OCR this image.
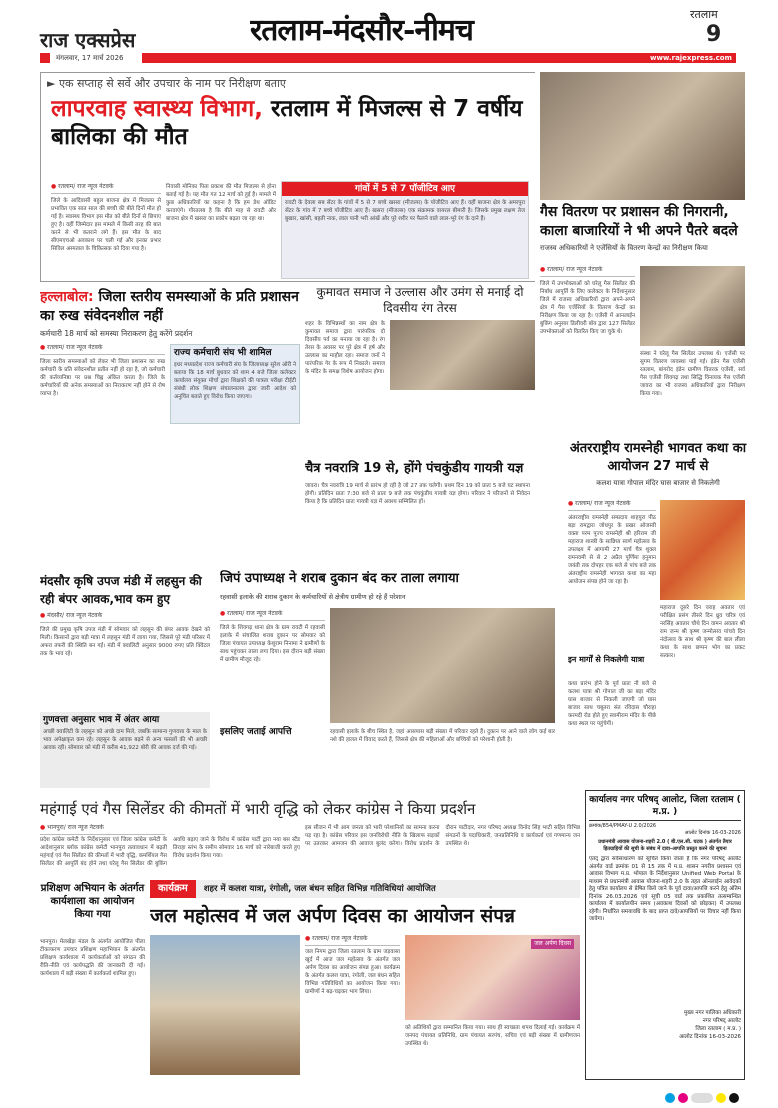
राज एक्सप्रेस
मंगलवार, 17 मार्च 2026
रतलाम-मंदसौर-नीमच	रतलाम
9
www.rajexpress.com
► एक सप्ताह से सर्वे और उपचार के नाम पर निरीक्षण बताए
लापरवाह स्वास्थ्य विभाग, रतलाम में मिजल्स से 7 वर्षीय बालिका की मौत
● रतलाम/ राज न्यूज नेटवर्क
जिले के आदिवासी बहुल बाजना क्षेत्र में मिजल्स से प्रभावित एक सात साल की बच्ची की बीते दिनों मौत हो गई है। स्वास्थ्य विभाग इस मौत को बीते दिनों से छिपाए हुए है। वहीं जिम्मेदार इस मामले में किसी तरह की बात करने से भी कतराने लगे हैं। इस मौत के बाद सीएमएचओ अवकाश पर चली गई और इनका प्रभार सिविल अस्पताल के चिकित्सक को दिया गया है।
निवासी मोनिका पिता प्रकाश की मौत मिजल्स से होना बताई गई है। यह मौत गत 12 मार्च को हुई है। मामले में कुछ अधिकारियों का कहना है कि हम डेथ ऑडिट करवाएंगे। गौरतलब है कि बीते माह से रावटी और बाजना क्षेत्र में खसरा का प्रकोप बढ़ता जा रहा था।
गांवों में 5 से 7 पॉजीटिव आए
रावटी के देवला सब सेंटर के गांवों में 5 से 7 बच्चे खसरा (मीजल्स) के पॉजीटिव आए हैं। वहीं बाजना क्षेत्र के अमरपुरा सेंटर के गांव में 7 बच्चे पॉजीटिव आए हैं। खसरा (मीजल्स) एक संक्रामक वायरल बीमारी है। जिसके प्रमुख लक्षण तेज बुखार, खांसी, बहती नाक, लाल पानी भरी आंखें और पूरे शरीर पर फैलने वाले लाल-भूरे रंग के दाने हैं।	गैस वितरण पर प्रशासन की निगरानी, काला बाजारियों ने भी अपने पैतरे बदले
राजस्व अधिकारियों ने एजेंसियों के वितरण केन्द्रों का निरीक्षण किया
● रतलाम/ राज न्यूज नेटवर्क
जिले में उपभोक्ताओं को घरेलू गैस सिलेंडर की निर्बाध आपूर्ति के लिए कलेक्टर के निर्देशानुसार जिले में राजस्व अधिकारियों द्वारा अपने-अपने क्षेत्र में गैस एजेंसियों के वितरण केन्द्रों का निरीक्षण किया जा रहा है। एजेंसी में आनलाईन बुकिंग अनुसार डिलीवरी बॉय द्वारा 127 सिलेंडर उपभोक्ताओं को वितरित किए जा चुके थे।
संस्था ने घरेलू गैस सिलेंडर उपलब्ध थे। एजेंसी पर सुगम वितरण व्यवस्था पाई गई। इंडेन गैस एजेंसी रतलाम, बांगरोद इंडेन ग्रामीण वितरक एजेंसी, सर्व गैस एजेंसी शिवगढ़ तथा सिद्धि विनायक गैस एजेंसी जावरा का भी राजस्व अधिकारियों द्वारा निरीक्षण किया गया।
हल्लाबोल: जिला स्तरीय समस्याओं के प्रति प्रशासन का रुख संवेदनशील नहीं
कर्मचारी 18 मार्च को समस्या निराकरण हेतु करेंगे प्रदर्शन
● रतलाम/ राज न्यूज नेटवर्क
जिला स्तरीय समस्याओं को लेकर भी जिला प्रशासन का रुख कर्मचारी के प्रति संवेदनशील प्रतीत नहीं हो रहा है, जो कर्मचारी की कर्तव्यनिष्ठा पर प्रश्न चिह्न अंकित करता है। जिले के कर्मचारियों की अनेक समस्याओं का निराकरण नहीं होने से रोष व्याप्त है।
राज्य कर्मचारी संघ भी शामिल
इधर मध्यप्रदेश राज्य कर्मचारी संघ के जिलाध्यक्ष सुरेश ओरी ने बताया कि 18 मार्च बुधवार को शाम 4 बजे जिला कलेक्टर कार्यालय संयुक्त मोर्चा द्वारा शिक्षकों की पात्रता परीक्षा टीईटी संबंधी लोक शिक्षण संचालनालय द्वारा जारी आदेश को अनुचित बताते हुए विरोध किया जाएगा।
कुमावत समाज ने उल्लास और उमंग से मनाई दो दिवसीय रंग तेरस
शहर के विभिन्नस्थों का नाम क्षेत्र के कुमावत समाज द्वारा पारंपरिक दो दिवसीय पर्व का मनाया जा रहा है। रंग तेरस के अवसर पर पूरे क्षेत्र में हर्ष और उल्लास का माहौल रहा। समाज जनों ने पारंपरिक गेर के रूप में निकाले। समाज के मंदिर के समक्ष विशेष आयोजन होगा।
चैत्र नवरात्रि 19 से, होंगे पंचकुंडीय गायत्री यज्ञ
जावरा। चैत्र नवरात्रि 19 मार्च से प्रारंभ हो रही है जो 27 तक चलेगी। प्रथम दिन 19 को प्रातः 5 बजे घट स्थापना होगी। प्रतिदिन प्रातः 7:30 बजे से प्रातः 9 बजे तक पंचकुंडीय गायत्री यज्ञ होगा। परिवार ने परिजनों से निवेदन किया है कि प्रतिदिन प्रातः गायत्री यज्ञ में अवश्य सम्मिलित हों।
अंतरराष्ट्रीय रामस्नेही भागवत कथा का आयोजन 27 मार्च से
कलश यात्रा गोपाल मंदिर घास बाजार से निकलेगी
● रतलाम/ राज न्यूज नेटवर्क
अंतरराष्ट्रीय रामस्नेही सम्प्रदाय शाहपुरा पीठ बड़ा रामद्वारा जोधपुर के प्रखर ओजस्वी वक्ता परम पूज्य रामस्नेही श्री हरिराम जी महाराज शास्त्री के सान्निध्य स्वर्ण महोत्सव के उपलक्ष्य में आगामी 27 मार्च चैत्र शुक्ल रामनवमी से से 2 अप्रैल पूर्णिमा हनुमान जयंती तक दोपहर एक बजे से पांच बजे तक अंतराष्ट्रीय रामस्नेही भागवत कथा का महा आयोजन संपन्न होने जा रहा है।
इन मार्गों से निकलेगी यात्रा
कथा प्रारंभ होने के पूर्व प्रातः नौ बजे से कलश यात्रा श्री गोपाल जी का बड़ा मंदिर घास बाजार से निकली जाएगी जो घास बाजार साथ चबूतरा संत रविदास चौराहा करमदी रोड होते हुए स्वामीराम मंदिर के पीछे कथा स्थल पर पहुंचेगी।
महाराज दूसरे दिन वराह अवतार एवं परीक्षित प्रसंग तीसरे दिन ध्रुव चरित्र एवं नरसिंह अवतार चौथे दिन वामन अवतार श्री राम जन्म श्री कृष्ण जन्मोत्सव पांचवे दिन नंदोत्सव के साथ श्री कृष्ण की बाल लीला कथा के साथ छप्पन भोग का प्रकट सत्कार।
मंदसौर कृषि उपज मंडी में लहसुन की रही बंपर आवक,भाव कम हुए
● मंदसौर/ राज न्यूज नेटवर्क
जिले की प्रमुख कृषि उपज मंडी में सोमवार को लहसुन की बंपर आवक देखने को मिली। किसानों द्वारा बड़ी मात्रा में लहसुन मंडी में लाया गया, जिससे पूरे मंडी परिसर में अफरा तफरी की स्थिति बन गई। मंडी में क्वालिटी अनुसार 9000 रुपए प्रति क्विंटल तक के भाव रहे।
गुणवत्ता अनुसार भाव में अंतर आया
अच्छी क्वालिटी के लहसुन को अच्छे दाम मिले, जबकि सामान्य गुणवत्ता के माल के भाव अपेक्षाकृत कम रहे। लहसुन के आवक बढ़ने से अन्य फसलों की भी अच्छी आवक रही। सोमवार को मंडी में करीब 41,922 बोरी की आवक दर्ज की गई।
जिपं उपाध्यक्ष ने शराब दुकान बंद कर ताला लगाया
रहवासी इलाके की शराब दुकान के कर्मचारियों से क्षेत्रीय ग्रामीण हो रहे हैं परेशान
● रतलाम/ राज न्यूज नेटवर्क
जिले के शिवगढ़ थाना क्षेत्र के ग्राम रावटी में रहवासी इलाके में संचालित शराब दुकान पर सोमवार को जिला पंचायत उपाध्यक्ष केशुराम निनामा ने ग्रामीणों के साथ पहुंचकर ताला लगा दिया। इस दौरान बड़ी संख्या में ग्रामीण मौजूद रहे।
इसलिए जताई आपत्ति	रहवासी इलाके के बीच स्थित है, जहां आसपास बड़ी संख्या में परिवार रहते हैं। दुकान पर आने वाले लोग कई बार नशे की हालत में विवाद करते हैं, जिससे क्षेत्र की महिलाओं और बच्चियों को परेशानी होती है।
महंगाई एवं गैस सिलेंडर की कीमतों में भारी वृद्धि को लेकर कांग्रेस ने किया प्रदर्शन
● भानपुरा/ राज न्यूज नेटवर्क
प्रदेश कांग्रेस कमेटी के निर्देशानुसार एवं जिला कांग्रेस कमेटी के आदेशानुसार ब्लॉक कांग्रेस कमेटी भानपुरा तत्वावधान में बढ़ती महंगाई एवं गैस सिलेंडर की कीमतों में भारी वृद्धि, कमर्शियल गैस सिलेंडर की आपूर्ति बंद होने तथा घरेलू गैस सिलेंडर की बुकिंग अवधि बढ़ाए जाने के विरोध में कांग्रेस पार्टी द्वारा नया बस स्टैंड तिराहा स्तंभ के समीप सोमवार 16 मार्च को नारेबाजी करते हुए विरोध प्रदर्शन किया गया।
इस सीजन में भी आम जनता को भारी परेशानियों का सामना करना पड़ रहा है। कांग्रेस परिवार इस जनविरोधी नीति के खिलाफ सड़कों पर उतरकर आमजन की आवाज बुलंद करेगा। विरोध प्रदर्शन के दौरान पाटीदार, नगर परिषद अध्यक्ष विनोद सिंह भाटी सहित विभिन्न संगठनों के पदाधिकारी, जनप्रतिनिधि व कार्यकर्ता एवं गणमान्य जन उपस्थित थे।
प्रशिक्षण अभियान के अंतर्गत कार्यशाला का आयोजन किया गया
भानपुरा। मेलखेड़ा मंडल के अंतर्गत आयोजित पीला टीकाकरण उपचार प्रशिक्षण महाभियान के अंतर्गत प्रशिक्षण कार्यशाला में कार्यकर्ताओं को संगठन की रीति-नीति एवं कार्यपद्धति की जानकारी दी गई। कार्यशाला में बड़ी संख्या में कार्यकर्ता शामिल हुए।
कार्यक्रम	शहर में कलश यात्रा, रंगोली, जल बंधन सहित विभिन्न गतिविधियां आयोजित
जल महोत्सव में जल अर्पण दिवस का आयोजन संपन्न
● रतलाम/ राज न्यूज नेटवर्क
जल निगम द्वारा जिला रतलाम के ग्राम जड़वासा खुर्द में आज जल महोत्सव के अंतर्गत जल अर्पण दिवस का आयोजन संपन्न हुआ। कार्यक्रम के अंतर्गत कलश यात्रा, रंगोली, जल बंधन सहित विभिन्न गतिविधियों का आयोजन किया गया। ग्रामीणों ने बढ़-चढ़कर भाग लिया।
जल अर्पण दिवस
को अतिथियों द्वारा सम्मानित किया गया। साथ ही स्वच्छता शपथ दिलाई गई। कार्यक्रम में जनपद पंचायत प्रतिनिधि, ग्राम पंचायत सरपंच, सचिव एवं बड़ी संख्या में ग्रामीणजन उपस्थित थे।
कार्यालय नगर परिषद् आलोट, जिला रतलाम ( म.प्र. )
क्रमांक/854/PMAY-U 2.0/2026
आलोट दिनांक 16-03-2026
प्रधानमंत्री आवास योजना-शहरी 2.0 ( बी.एल.सी. घटक ) अंतर्गत तैयार
हितग्राहियों की सूची के संबंध में दावा-आपत्ति प्रस्तुत करने की सूचना
एतद् द्वारा सर्वसाधारण को सूचित किया जाता है कि नगर परिषद् आलोट अंतर्गत वार्ड क्रमांक 01 से 15 तक में म.प्र. शासन नगरीय प्रशासन एवं आवास विभाग म.प्र. भोपाल के निर्देशानुसार Unified Web Portal के माध्यम से प्रधानमंत्री आवास योजना-शहरी 2.0 के तहत ऑनलाईन आवेदकों हेतु पत्रित कार्यालय से प्रेषित किये जाने के पूर्व दावा/आपत्ति करने हेतु अंतिम दिनांक 26.03.2026 एवं सूची 05 वार्ड तक प्रकाशित तत्सम्बन्धित कार्यालय में कार्यालयीन समय (अवकाश दिवसों को छोड़कर) में उपलब्ध रहेगी। निर्धारित समयावधि के बाद प्राप्त दावे/आपत्तियों पर विचार नहीं किया जावेगा।
मुख्य नगर पालिका अधिकारी
नगर परिषद् आलोट
जिला रतलाम ( म.प्र. )
आलोट दिनांक 16-03-2026
